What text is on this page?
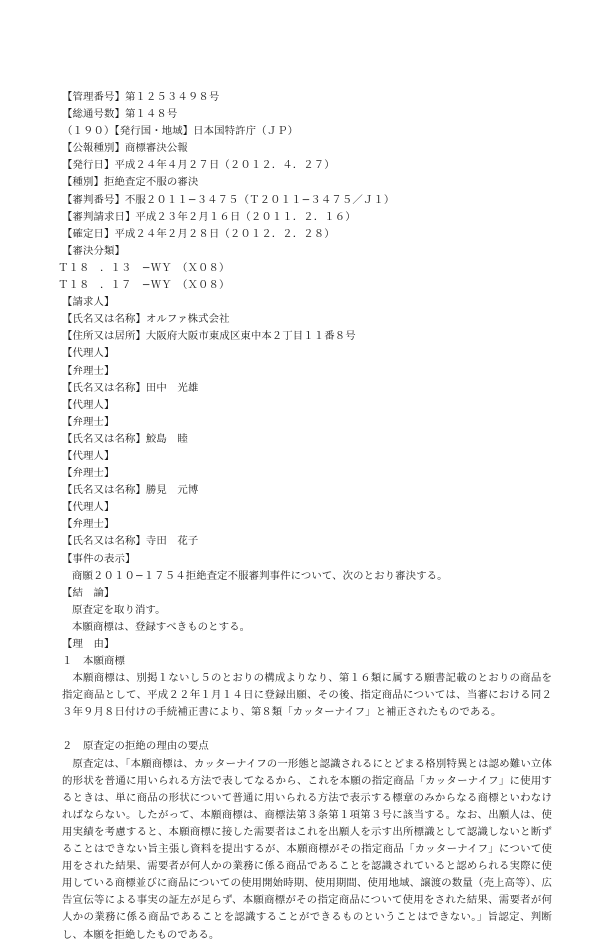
【管理番号】第１２５３４９８号
【総通号数】第１４８号
（１９０）【発行国・地域】日本国特許庁（ＪＰ）
【公報種別】商標審決公報
【発行日】平成２４年４月２７日（２０１２．４．２７）
【種別】拒絶査定不服の審決
【審判番号】不服２０１１−３４７５（Ｔ２０１１−３４７５／Ｊ１）
【審判請求日】平成２３年２月１６日（２０１１．２．１６）
【確定日】平成２４年２月２８日（２０１２．２．２８）
【審決分類】
Ｔ１８　．１３　−ＷＹ　（Ｘ０８）
Ｔ１８　．１７　−ＷＹ　（Ｘ０８）
【請求人】
【氏名又は名称】オルファ株式会社
【住所又は居所】大阪府大阪市東成区東中本２丁目１１番８号
【代理人】
【弁理士】
【氏名又は名称】田中　光雄
【代理人】
【弁理士】
【氏名又は名称】鮫島　睦
【代理人】
【弁理士】
【氏名又は名称】勝見　元博
【代理人】
【弁理士】
【氏名又は名称】寺田　花子
【事件の表示】
商願２０１０−１７５４拒絶査定不服審判事件について、次のとおり審決する。
【結　論】
原査定を取り消す。
本願商標は、登録すべきものとする。
【理　由】
１　本願商標
本願商標は、別掲１ないし５のとおりの構成よりなり、第１６類に属する願書記載のとおりの商品を指定商品として、平成２２年１月１４日に登録出願、その後、指定商品については、当審における同２３年９月８日付けの手続補正書により、第８類「カッターナイフ」と補正されたものである。
２　原査定の拒絶の理由の要点
原査定は、「本願商標は、カッターナイフの一形態と認識されるにとどまる格別特異とは認め難い立体的形状を普通に用いられる方法で表してなるから、これを本願の指定商品「カッターナイフ」に使用するときは、単に商品の形状について普通に用いられる方法で表示する標章のみからなる商標といわなければならない。したがって、本願商標は、商標法第３条第１項第３号に該当する。なお、出願人は、使用実績を考慮すると、本願商標に接した需要者はこれを出願人を示す出所標識として認識しないと断ずることはできない旨主張し資料を提出するが、本願商標がその指定商品「カッターナイフ」について使用をされた結果、需要者が何人かの業務に係る商品であることを認識されていると認められる実際に使用している商標並びに商品についての使用開始時期、使用期間、使用地域、譲渡の数量（売上高等）、広告宣伝等による事実の証左が足らず、本願商標がその指定商品について使用をされた結果、需要者が何人かの業務に係る商品であることを認識することができるものということはできない。」旨認定、判断し、本願を拒絶したものである。
